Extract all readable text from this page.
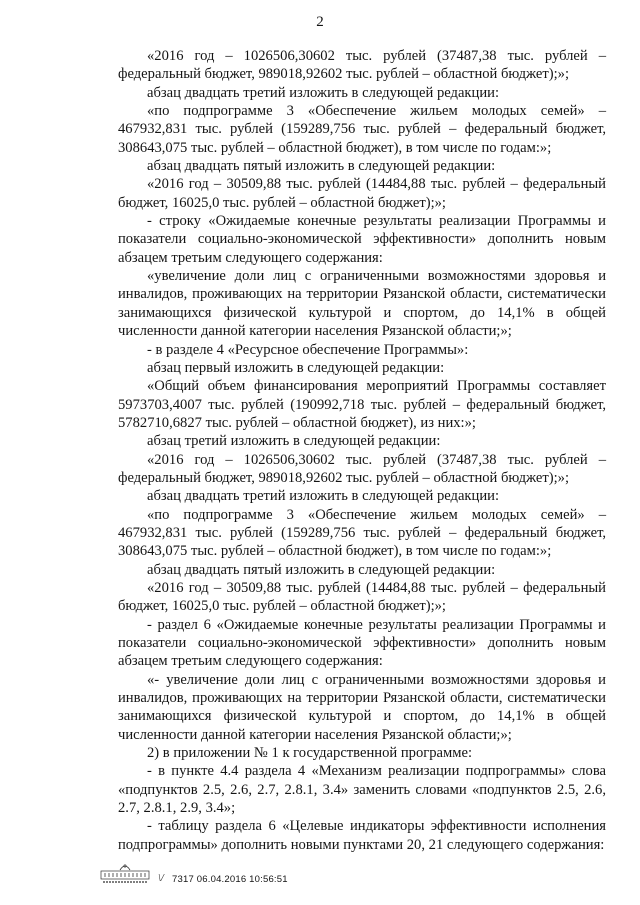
2

«2016 год – 1026506,30602 тыс. рублей (37487,38 тыс. рублей – федеральный бюджет, 989018,92602 тыс. рублей – областной бюджет);»;

абзац двадцать третий изложить в следующей редакции:

«по подпрограмме 3 «Обеспечение жильем молодых семей» – 467932,831 тыс. рублей (159289,756 тыс. рублей – федеральный бюджет, 308643,075 тыс. рублей – областной бюджет), в том числе по годам:»;

абзац двадцать пятый изложить в следующей редакции:

«2016 год – 30509,88 тыс. рублей (14484,88 тыс. рублей – федеральный бюджет, 16025,0 тыс. рублей – областной бюджет);»;

- строку «Ожидаемые конечные результаты реализации Программы и показатели социально-экономической эффективности» дополнить новым абзацем третьим следующего содержания:

«увеличение доли лиц с ограниченными возможностями здоровья и инвалидов, проживающих на территории Рязанской области, систематически занимающихся физической культурой и спортом, до 14,1% в общей численности данной категории населения Рязанской области;»;

- в разделе 4 «Ресурсное обеспечение Программы»:

абзац первый изложить в следующей редакции:

«Общий объем финансирования мероприятий Программы составляет 5973703,4007 тыс. рублей (190992,718 тыс. рублей – федеральный бюджет, 5782710,6827 тыс. рублей – областной бюджет), из них:»;

абзац третий изложить в следующей редакции:

«2016 год – 1026506,30602 тыс. рублей (37487,38 тыс. рублей – федеральный бюджет, 989018,92602 тыс. рублей – областной бюджет);»;

абзац двадцать третий изложить в следующей редакции:

«по подпрограмме 3 «Обеспечение жильем молодых семей» – 467932,831 тыс. рублей (159289,756 тыс. рублей – федеральный бюджет, 308643,075 тыс. рублей – областной бюджет), в том числе по годам:»;

абзац двадцать пятый изложить в следующей редакции:

«2016 год – 30509,88 тыс. рублей (14484,88 тыс. рублей – федеральный бюджет, 16025,0 тыс. рублей – областной бюджет);»;

- раздел 6 «Ожидаемые конечные результаты реализации Программы и показатели социально-экономической эффективности» дополнить новым абзацем третьим следующего содержания:

«- увеличение доли лиц с ограниченными возможностями здоровья и инвалидов, проживающих на территории Рязанской области, систематически занимающихся физической культурой и спортом, до 14,1% в общей численности данной категории населения Рязанской области;»;

2) в приложении № 1 к государственной программе:

- в пункте 4.4 раздела 4 «Механизм реализации подпрограммы» слова «подпунктов 2.5, 2.6, 2.7, 2.8.1, 3.4» заменить словами «подпунктов 2.5, 2.6, 2.7, 2.8.1, 2.9, 3.4»;

- таблицу раздела 6 «Целевые индикаторы эффективности исполнения подпрограммы» дополнить новыми пунктами 20, 21 следующего содержания:

\/ 7317 06.04.2016 10:56:51
